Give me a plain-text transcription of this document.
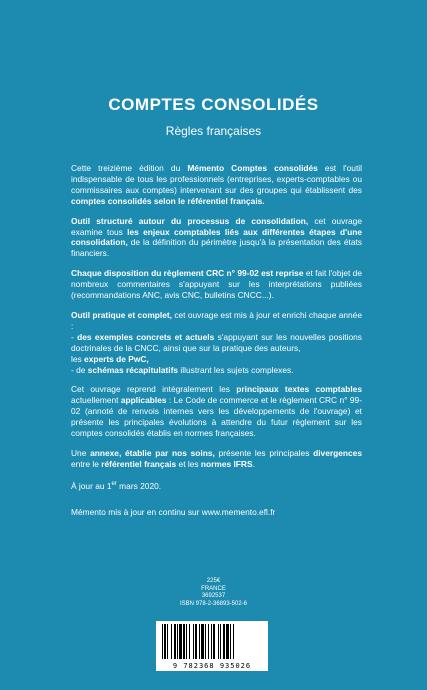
COMPTES CONSOLIDÉS
Règles françaises

Cette treizième édition du Mémento Comptes consolidés est l'outil indispensable de tous les professionnels (entreprises, experts-comptables ou commissaires aux comptes) intervenant sur des groupes qui établissent des comptes consolidés selon le référentiel français.

Outil structuré autour du processus de consolidation, cet ouvrage examine tous les enjeux comptables liés aux différentes étapes d'une consolidation, de la définition du périmètre jusqu'à la présentation des états financiers.

Chaque disposition du règlement CRC n° 99-02 est reprise et fait l'objet de nombreux commentaires s'appuyant sur les interprétations publiées (recommandations ANC, avis CNC, bulletins CNCC...).

Outil pratique et complet, cet ouvrage est mis à jour et enrichi chaque année :
- des exemples concrets et actuels s'appuyant sur les nouvelles positions doctrinales de la CNCC, ainsi que sur la pratique des auteurs,
les experts de PwC,
- de schémas récapitulatifs illustrant les sujets complexes.

Cet ouvrage reprend intégralement les principaux textes comptables actuellement applicables : Le Code de commerce et le règlement CRC n° 99-02 (annoté de renvois internes vers les développements de l'ouvrage) et présente les principales évolutions à attendre du futur règlement sur les comptes consolidés établis en normes françaises.

Une annexe, établie par nos soins, présente les principales divergences entre le référentiel français et les normes IFRS.

À jour au 1er mars 2020.

Mémento mis à jour en continu sur www.memento.efl.fr

225€
FRANCE
3692537
ISBN 978-2-36893-502-6
9 782368 935026
